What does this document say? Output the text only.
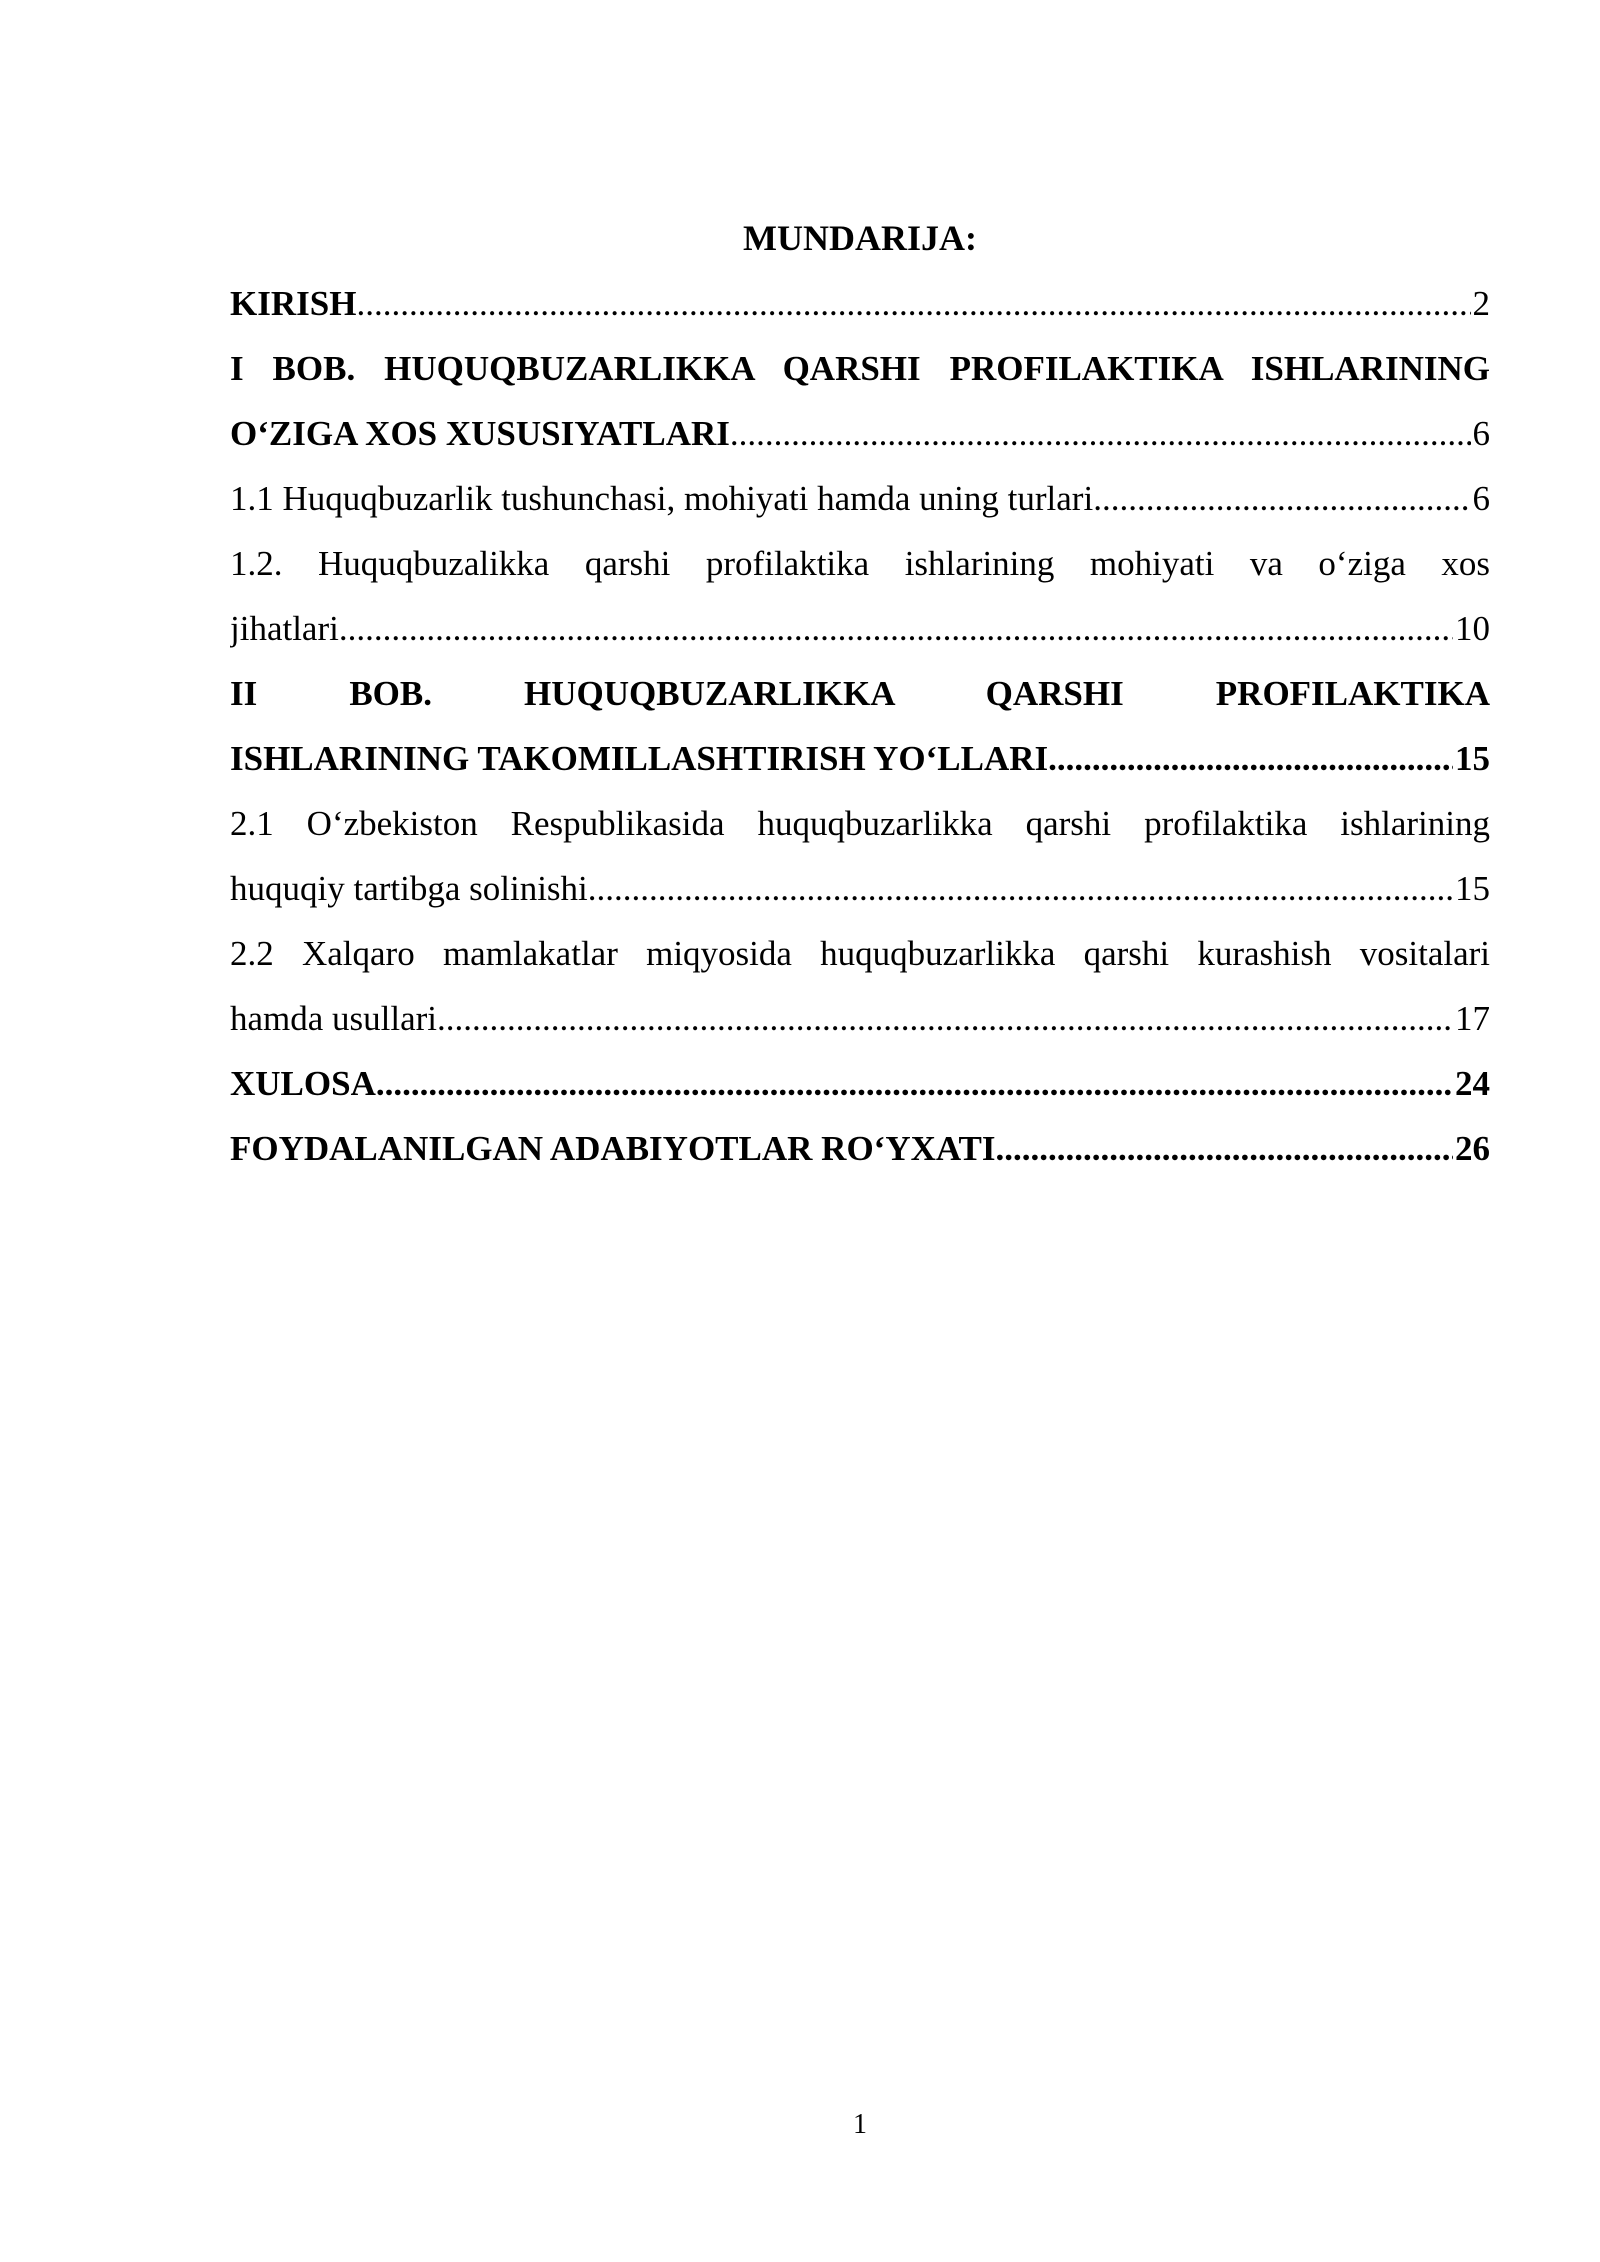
MUNDARIJA:
KIRISH .....	2
I BOB. HUQUQBUZARLIKKA QARSHI PROFILAKTIKA ISHLARINING
O‘ZIGA XOS XUSUSIYATLARI .....	6
1.1 Huquqbuzarlik tushunchasi, mohiyati hamda uning turlari .....	6
1.2. Huquqbuzalikka qarshi profilaktika ishlarining mohiyati va o‘ziga xos
jihatlari .....	10
II BOB. HUQUQBUZARLIKKA QARSHI PROFILAKTIKA
ISHLARINING TAKOMILLASHTIRISH YO‘LLARI .....	15
2.1 O‘zbekiston Respublikasida huquqbuzarlikka qarshi profilaktika ishlarining
huquqiy tartibga solinishi .....	15
2.2 Xalqaro mamlakatlar miqyosida huquqbuzarlikka qarshi kurashish vositalari
hamda usullari .....	17
XULOSA .....	24
FOYDALANILGAN ADABIYOTLAR RO‘YXATI .....	26
1
